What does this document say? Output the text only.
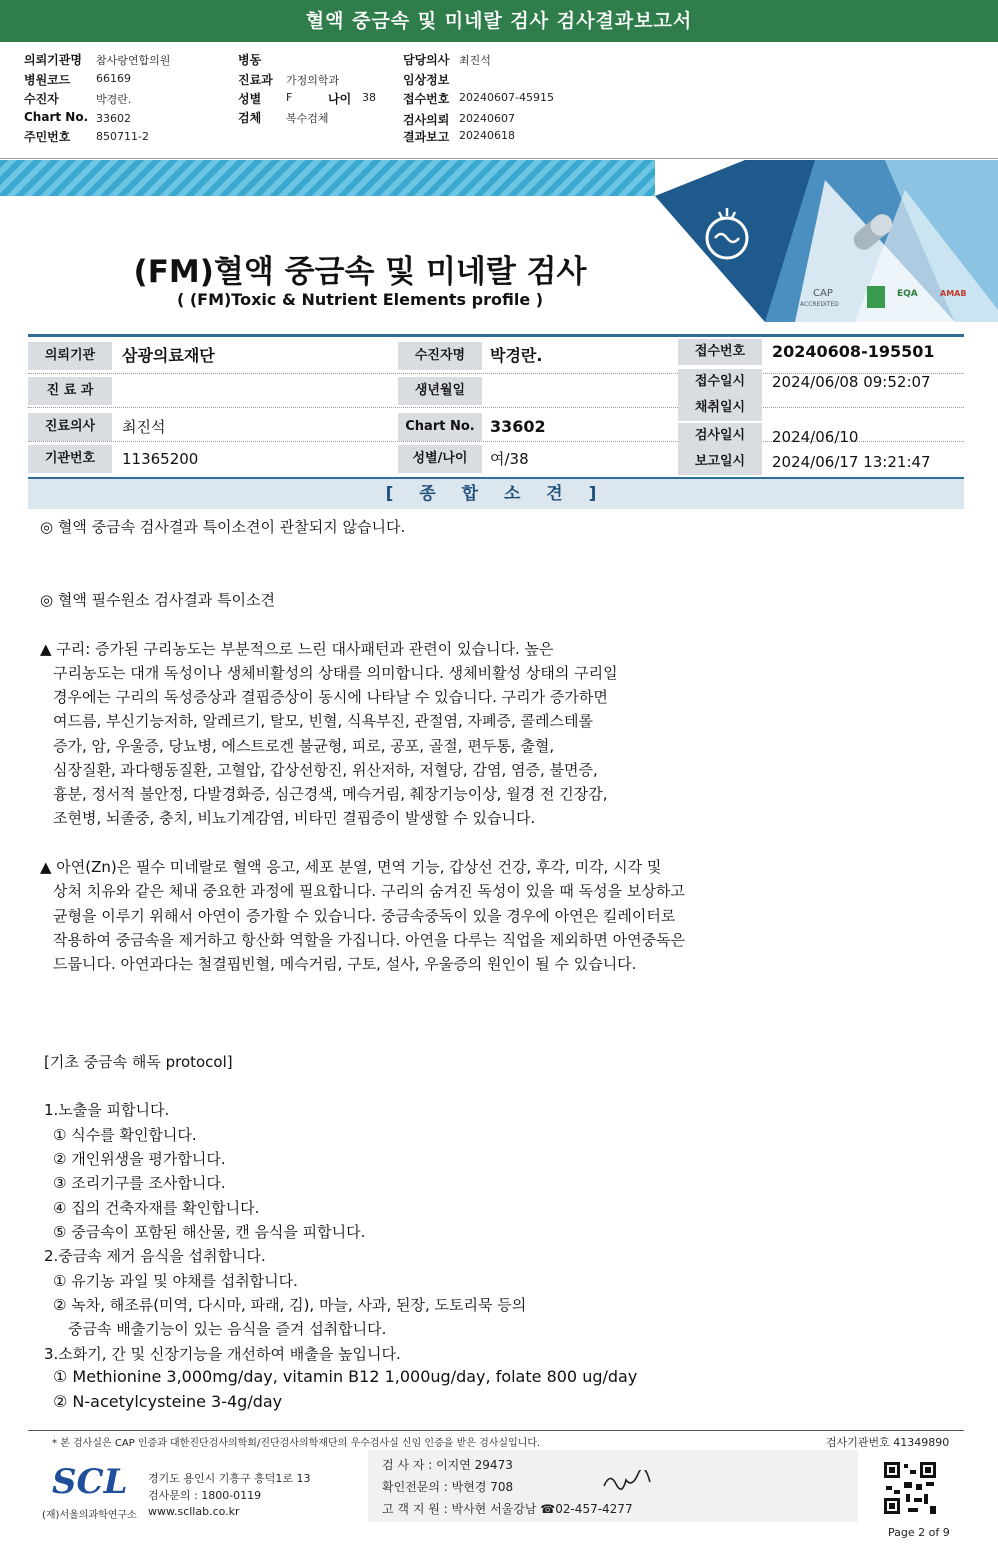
혈액 중금속 및 미네랄 검사 검사결과보고서
의뢰기관명 참사랑연합의원
병원코드 66169
수진자	박경란.
Chart No. 33602
주민번호 850711-2
병동
진료과 가정의학과
성별 F	나이 38
검체 복수검체
담당의사 최진석
임상정보
접수번호 20240607-45915
검사의뢰 20240607
결과보고 20240618
CAP
ACCREDITED
EQA	AMAB
(FM)혈액 중금속 및 미네랄 검사
( (FM)Toxic & Nutrient Elements profile )
의뢰기관	삼광의료재단
진 료 과
진료의사	최진석
기관번호	11365200
수진자명	박경란.
생년월일
Chart No. 33602
성별/나이	여/38
접수번호	20240608-195501
접수일시	2024/06/08 09:52:07
채취일시
검사일시	2024/06/10
보고일시	2024/06/17 13:21:47
[ 종 합 소 견 ]
◎ 혈액 중금속 검사결과 특이소견이 관찰되지 않습니다.
◎ 혈액 필수원소 검사결과 특이소견
▲ 구리: 증가된 구리농도는 부분적으로 느린 대사패턴과 관련이 있습니다. 높은
구리농도는 대개 독성이나 생체비활성의 상태를 의미합니다. 생체비활성 상태의 구리일
경우에는 구리의 독성증상과 결핍증상이 동시에 나타날 수 있습니다. 구리가 증가하면
여드름, 부신기능저하, 알레르기, 탈모, 빈혈, 식욕부진, 관절염, 자폐증, 콜레스테롤
증가, 암, 우울증, 당뇨병, 에스트로겐 불균형, 피로, 공포, 골절, 편두통, 출혈,
심장질환, 과다행동질환, 고혈압, 갑상선항진, 위산저하, 저혈당, 감염, 염증, 불면증,
흉분, 정서적 불안정, 다발경화증, 심근경색, 메슥거림, 췌장기능이상, 월경 전 긴장감,
조현병, 뇌졸중, 충치, 비뇨기계감염, 비타민 결핍증이 발생할 수 있습니다.
▲ 아연(Zn)은 필수 미네랄로 혈액 응고, 세포 분열, 면역 기능, 갑상선 건강, 후각, 미각, 시각 및
상처 치유와 같은 체내 중요한 과정에 필요합니다. 구리의 숨겨진 독성이 있을 때 독성을 보상하고
균형을 이루기 위해서 아연이 증가할 수 있습니다. 중금속중독이 있을 경우에 아연은 킬레이터로
작용하여 중금속을 제거하고 항산화 역할을 가집니다. 아연을 다루는 직업을 제외하면 아연중독은
드뭅니다. 아연과다는 철결핍빈혈, 메슥거림, 구토, 설사, 우울증의 원인이 될 수 있습니다.
[기초 중금속 해독 protocol]
1.노출을 피합니다.
① 식수를 확인합니다.
② 개인위생을 평가합니다.
③ 조리기구를 조사합니다.
④ 집의 건축자재를 확인합니다.
⑤ 중금속이 포함된 해산물, 캔 음식을 피합니다.
2.중금속 제거 음식을 섭취합니다.
① 유기농 과일 및 야채를 섭취합니다.
② 녹차, 해조류(미역, 다시마, 파래, 김), 마늘, 사과, 된장, 도토리묵 등의
중금속 배출기능이 있는 음식을 즐겨 섭취합니다.
3.소화기, 간 및 신장기능을 개선하여 배출을 높입니다.
① Methionine 3,000mg/day, vitamin B12 1,000ug/day, folate 800 ug/day
② N-acetylcysteine 3-4g/day
* 본 검사실은 CAP 인증과 대한진단검사의학회/진단검사의학재단의 우수검사실 신임 인증을 받은 검사실입니다.	검사기관번호 41349890
SCL
(재)서울의과학연구소
경기도 용인시 기흥구 흥덕1로 13
검사문의 : 1800-0119
www.scllab.co.kr
검 사 자 : 이지연 29473
확인전문의 : 박현경 708
고 객 지 원 : 박사현 서울강남 ☎02-457-4277
Page 2 of 9
